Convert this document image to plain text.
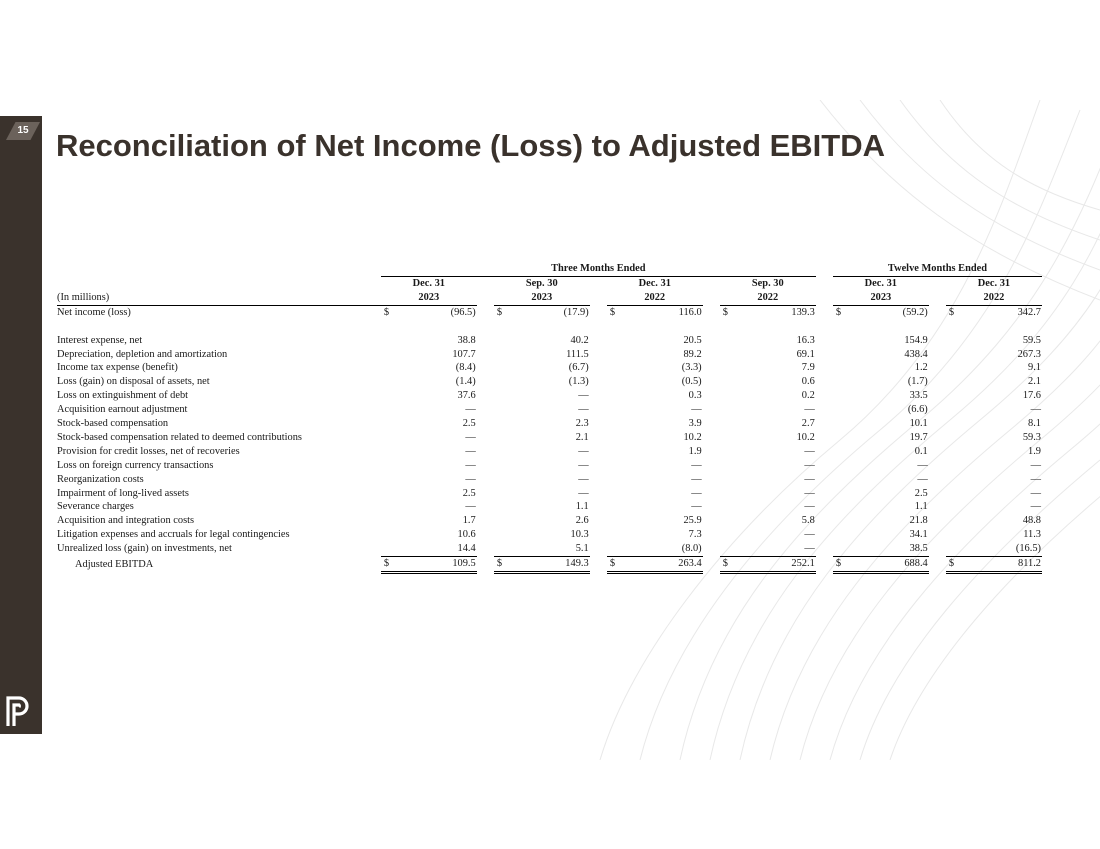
15 Reconciliation of Net Income (Loss) to Adjusted EBITDA
	Three Months Ended												Twelve Months Ended				
	Dec. 31			Sep. 30			Dec. 31			Sep. 30			Dec. 31			Dec. 31	
(In millions)	2023			2023			2022			2022			2023			2022	
Net income (loss)	$	(96.5)		$	(17.9)		$	116.0		$	139.3		$	(59.2)		$	342.7

Interest expense, net		38.8			40.2			20.5			16.3			154.9			59.5
Depreciation, depletion and amortization		107.7			111.5			89.2			69.1			438.4			267.3
Income tax expense (benefit)		(8.4)			(6.7)			(3.3)			7.9			1.2			9.1
Loss (gain) on disposal of assets, net		(1.4)			(1.3)			(0.5)			0.6			(1.7)			2.1
Loss on extinguishment of debt		37.6			—			0.3			0.2			33.5			17.6
Acquisition earnout adjustment		—			—			—			—			(6.6)			—
Stock-based compensation		2.5			2.3			3.9			2.7			10.1			8.1
Stock-based compensation related to deemed contributions		—			2.1			10.2			10.2			19.7			59.3
Provision for credit losses, net of recoveries		—			—			1.9			—			0.1			1.9
Loss on foreign currency transactions		—			—			—			—			—			—
Reorganization costs		—			—			—			—			—			—
Impairment of long-lived assets		2.5			—			—			—			2.5			—
Severance charges		—			1.1			—			—			1.1			—
Acquisition and integration costs		1.7			2.6			25.9			5.8			21.8			48.8
Litigation expenses and accruals for legal contingencies		10.6			10.3			7.3			—			34.1			11.3
Unrealized loss (gain) on investments, net		14.4			5.1			(8.0)			—			38.5			(16.5)
Adjusted EBITDA	$	109.5		$	149.3		$	263.4		$	252.1		$	688.4		$	811.2
